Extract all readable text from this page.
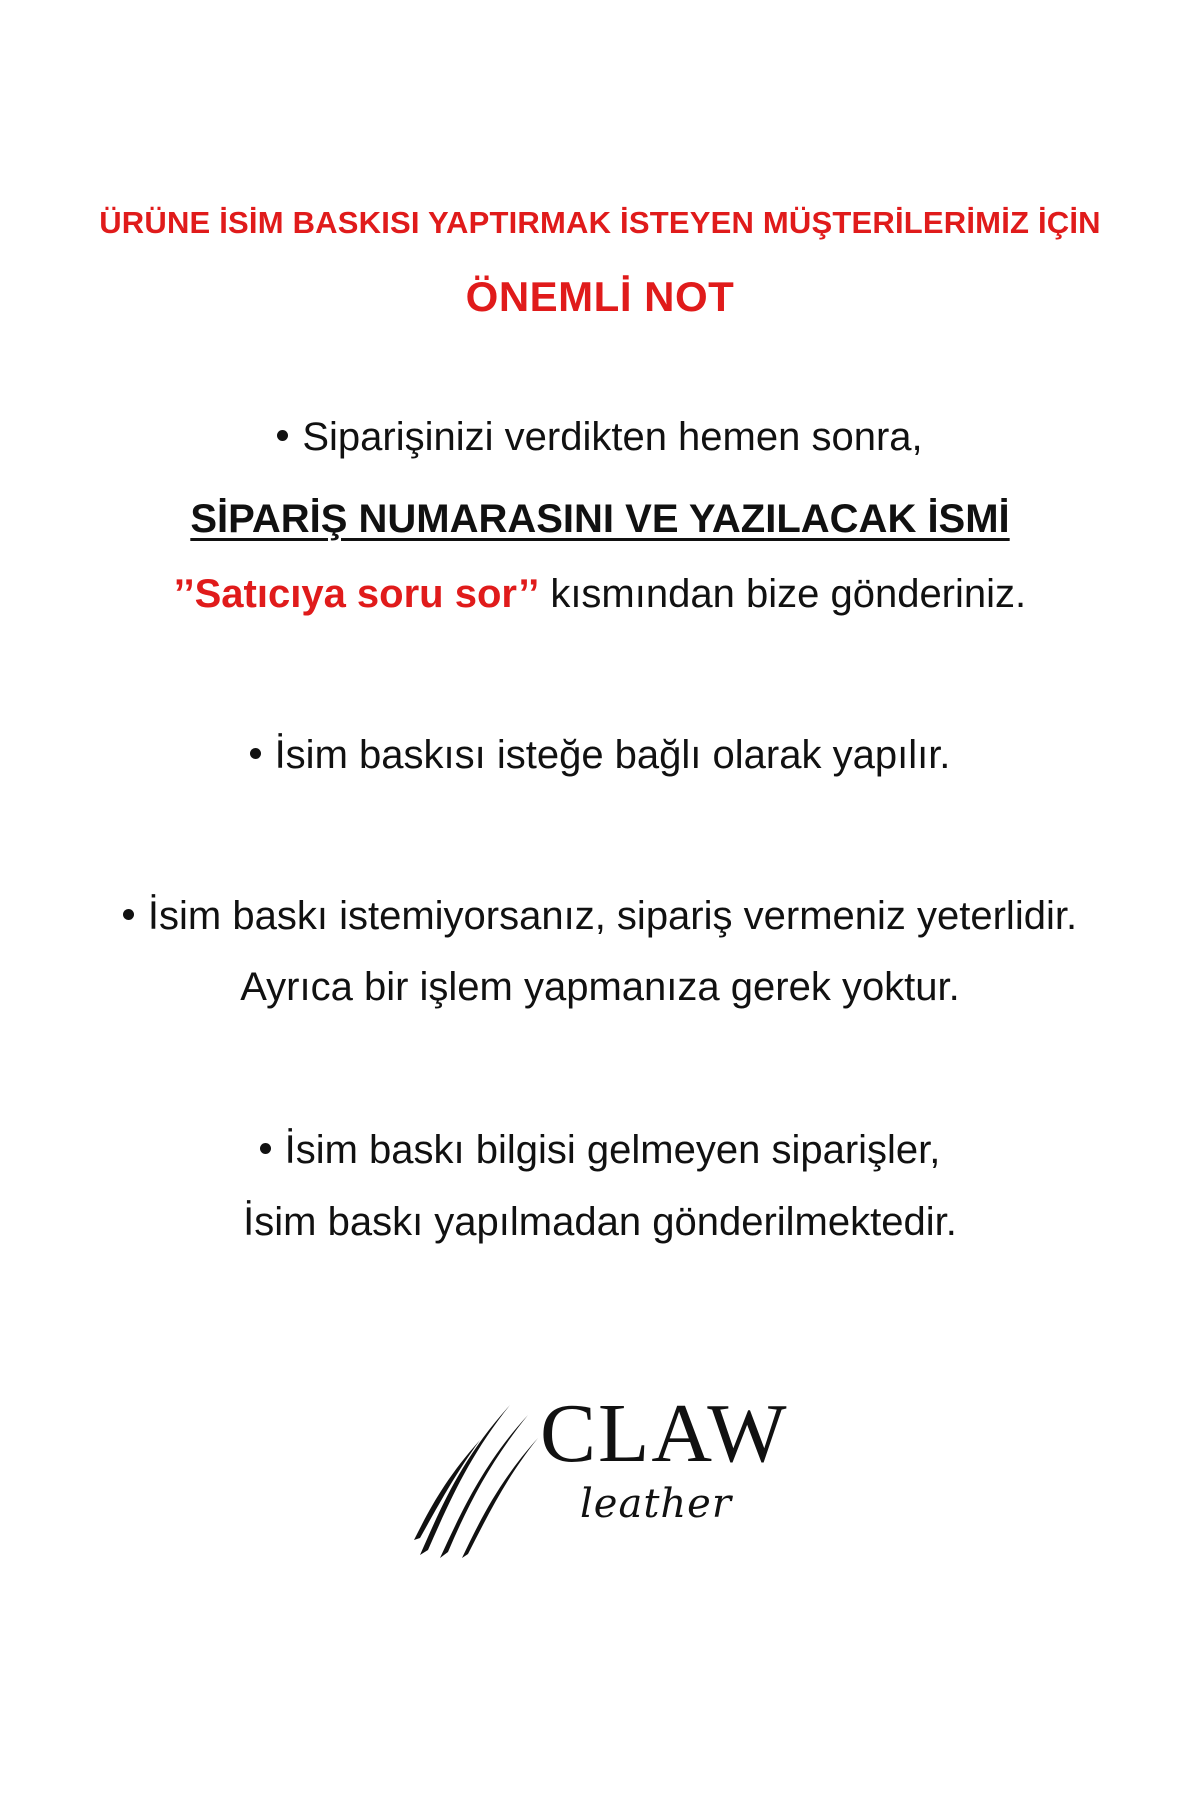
ÜRÜNE İSİM BASKISI YAPTIRMAK İSTEYEN MÜŞTERİLERİMİZ İÇİN
ÖNEMLİ NOT
Siparişinizi verdikten hemen sonra,
SİPARİŞ NUMARASINI VE YAZILACAK İSMİ
’’Satıcıya soru sor’’ kısmından bize gönderiniz.
İsim baskısı isteğe bağlı olarak yapılır.
İsim baskı istemiyorsanız, sipariş vermeniz yeterlidir.
Ayrıca bir işlem yapmanıza gerek yoktur.
İsim baskı bilgisi gelmeyen siparişler,
İsim baskı yapılmadan gönderilmektedir.
CLAW
leather
